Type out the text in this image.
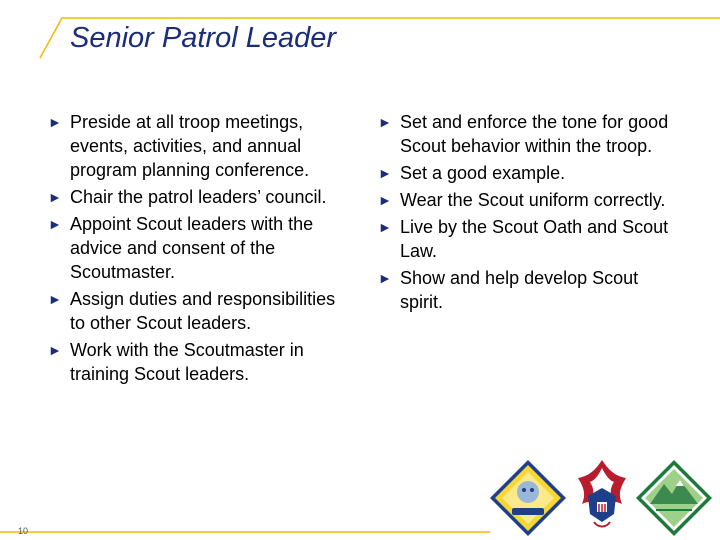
Senior Patrol Leader
► Preside at all troop meetings, events, activities, and annual program planning conference.
► Chair the patrol leaders’ council.
► Appoint Scout leaders with the advice and consent of the Scoutmaster.
► Assign duties and responsibilities to other Scout leaders.
► Work with the Scoutmaster in training Scout leaders.
► Set and enforce the tone for good Scout behavior within the troop.
► Set a good example.
► Wear the Scout uniform correctly.
► Live by the Scout Oath and Scout Law.
► Show and help develop Scout spirit.
10
